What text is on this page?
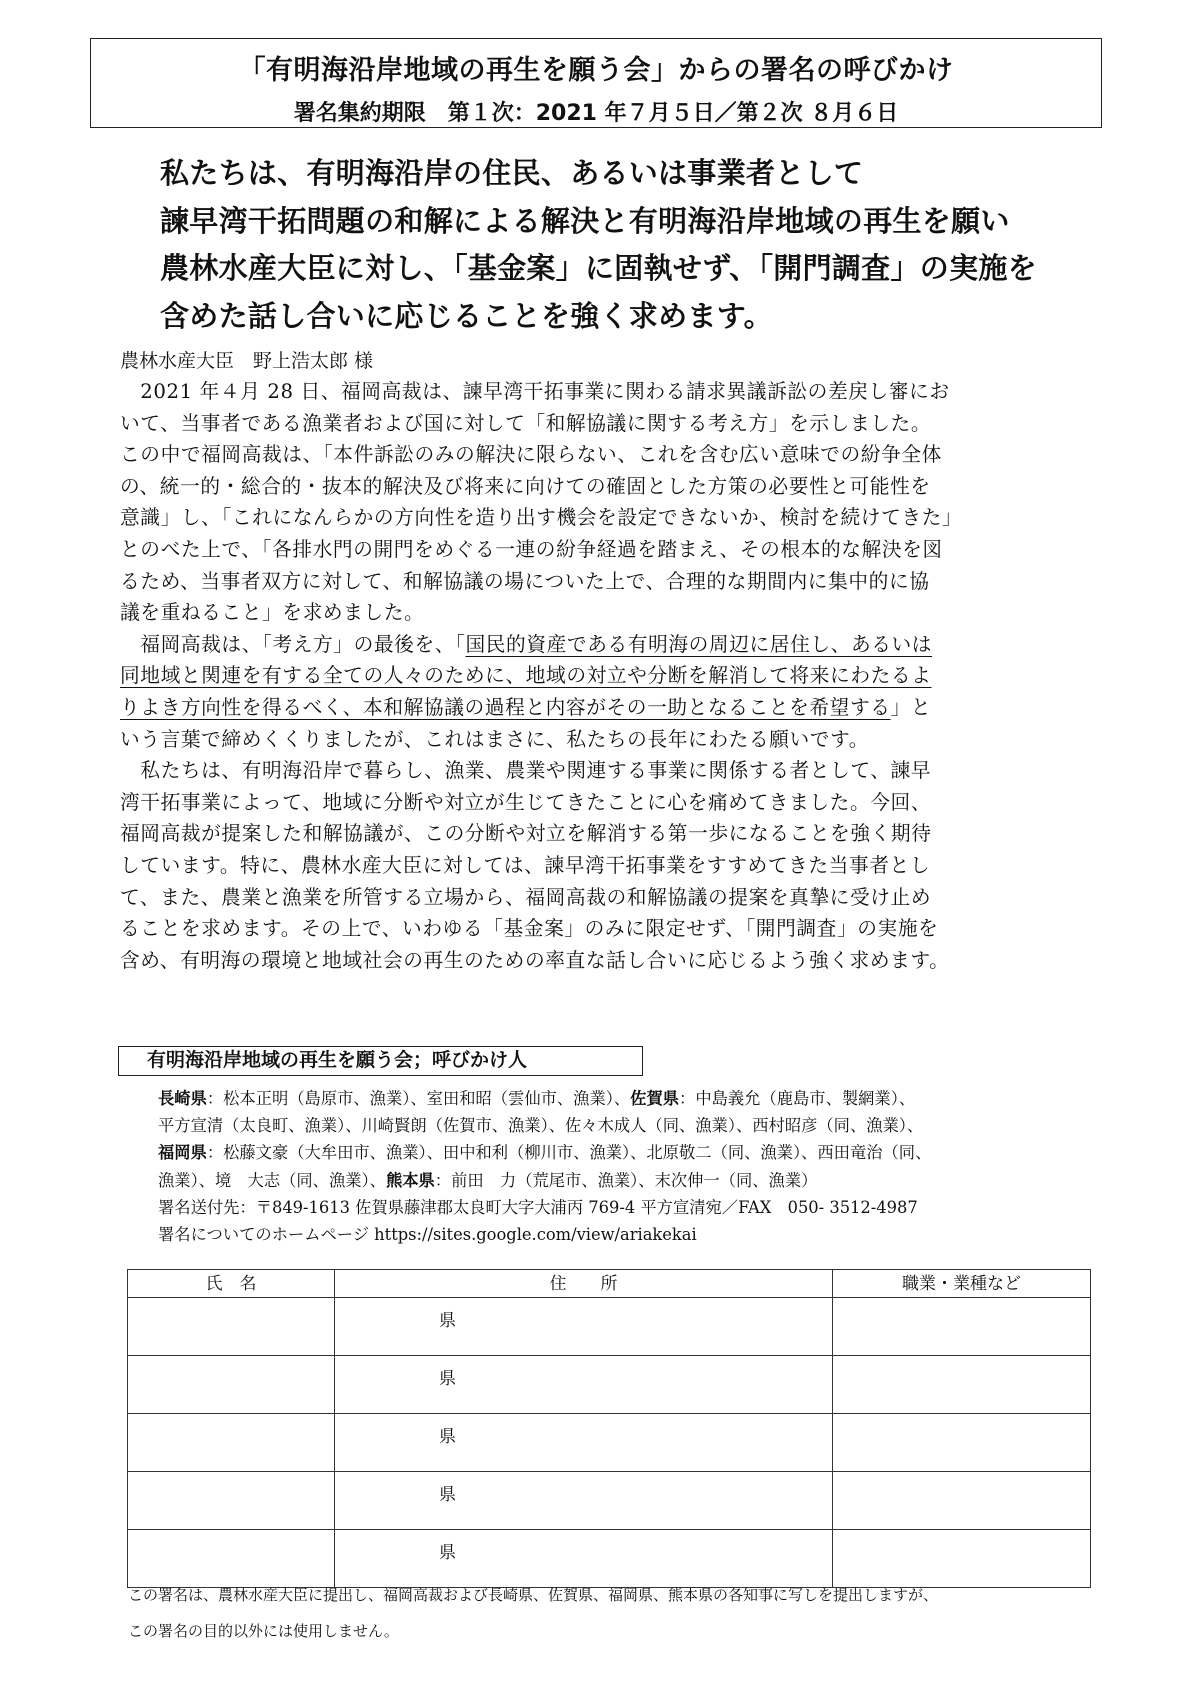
「有明海沿岸地域の再生を願う会」からの署名の呼びかけ
署名集約期限　第１次：2021 年７月５日／第２次 ８月６日
私たちは、有明海沿岸の住民、あるいは事業者として
諫早湾干拓問題の和解による解決と有明海沿岸地域の再生を願い
農林水産大臣に対し、「基金案」に固執せず、「開門調査」の実施を
含めた話し合いに応じることを強く求めます。
農林水産大臣　野上浩太郎 様
　2021 年４月 28 日、福岡高裁は、諫早湾干拓事業に関わる請求異議訴訟の差戻し審にお
いて、当事者である漁業者および国に対して「和解協議に関する考え方」を示しました。
この中で福岡高裁は、「本件訴訟のみの解決に限らない、これを含む広い意味での紛争全体
の、統一的・総合的・抜本的解決及び将来に向けての確固とした方策の必要性と可能性を
意識」し、「これになんらかの方向性を造り出す機会を設定できないか、検討を続けてきた」
とのべた上で、「各排水門の開門をめぐる一連の紛争経過を踏まえ、その根本的な解決を図
るため、当事者双方に対して、和解協議の場についた上で、合理的な期間内に集中的に協
議を重ねること」を求めました。
　福岡高裁は、「考え方」の最後を、「国民的資産である有明海の周辺に居住し、あるいは
同地域と関連を有する全ての人々のために、地域の対立や分断を解消して将来にわたるよ
りよき方向性を得るべく、本和解協議の過程と内容がその一助となることを希望する」と
いう言葉で締めくくりましたが、これはまさに、私たちの長年にわたる願いです。
　私たちは、有明海沿岸で暮らし、漁業、農業や関連する事業に関係する者として、諫早
湾干拓事業によって、地域に分断や対立が生じてきたことに心を痛めてきました。今回、
福岡高裁が提案した和解協議が、この分断や対立を解消する第一歩になることを強く期待
しています。特に、農林水産大臣に対しては、諫早湾干拓事業をすすめてきた当事者とし
て、また、農業と漁業を所管する立場から、福岡高裁の和解協議の提案を真摯に受け止め
ることを求めます。その上で、いわゆる「基金案」のみに限定せず、「開門調査」の実施を
含め、有明海の環境と地域社会の再生のための率直な話し合いに応じるよう強く求めます。
有明海沿岸地域の再生を願う会；呼びかけ人
長崎県：松本正明（島原市、漁業）、室田和昭（雲仙市、漁業）、佐賀県：中島義允（鹿島市、製網業）、
平方宣清（太良町、漁業）、川崎賢朗（佐賀市、漁業）、佐々木成人（同、漁業）、西村昭彦（同、漁業）、
福岡県：松藤文豪（大牟田市、漁業）、田中和利（柳川市、漁業）、北原敬二（同、漁業）、西田竜治（同、
漁業）、境　大志（同、漁業）、熊本県：前田　力（荒尾市、漁業）、末次伸一（同、漁業）
署名送付先：〒849-1613 佐賀県藤津郡太良町大字大浦丙 769-4 平方宣清宛／FAX　050- 3512-4987
署名についてのホームページ https://sites.google.com/view/ariakekai
氏　名	住　　所	職業・業種など
	県	
	県	
	県	
	県	
	県	
この署名は、農林水産大臣に提出し、福岡高裁および長崎県、佐賀県、福岡県、熊本県の各知事に写しを提出しますが、
この署名の目的以外には使用しません。
